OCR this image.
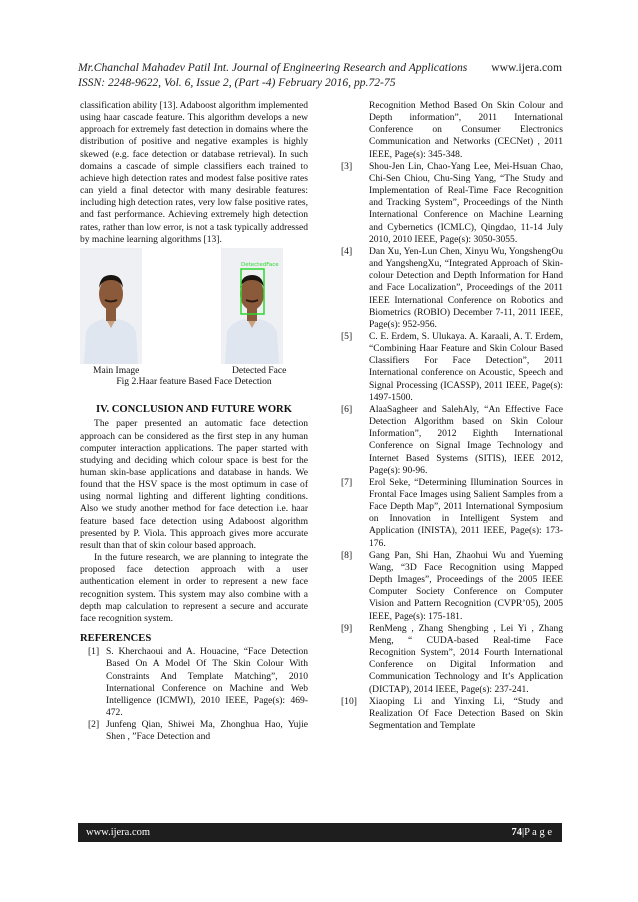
Mr.Chanchal Mahadev Patil Int. Journal of Engineering Research and Applications www.ijera.com
ISSN: 2248-9622, Vol. 6, Issue 2, (Part -4) February 2016, pp.72-75

classification ability [13]. Adaboost algorithm implemented using haar cascade feature. This algorithm develops a new approach for extremely fast detection in domains where the distribution of positive and negative examples is highly skewed (e.g. face detection or database retrieval). In such domains a cascade of simple classifiers each trained to achieve high detection rates and modest false positive rates can yield a final detector with many desirable features: including high detection rates, very low false positive rates, and fast performance. Achieving extremely high detection rates, rather than low error, is not a task typically addressed by machine learning algorithms [13].

DetectedFace
Main Image	Detected Face
Fig 2.Haar feature Based Face Detection
IV. CONCLUSION AND FUTURE WORK

The paper presented an automatic face detection approach can be considered as the first step in any human computer interaction applications. The paper started with studying and deciding which colour space is best for the human skin-base applications and database in hands. We found that the HSV space is the most optimum in case of using normal lighting and different lighting conditions. Also we study another method for face detection i.e. haar feature based face detection using Adaboost algorithm presented by P. Viola. This approach gives more accurate result than that of skin colour based approach.

In the future research, we are planning to integrate the proposed face detection approach with a user authentication element in order to represent a new face recognition system. This system may also combine with a depth map calculation to represent a secure and accurate face recognition system.

REFERENCES
[1] S. Kherchaoui and A. Houacine, “Face Detection Based On A Model Of The Skin Colour With Constraints And Template Matching”, 2010 International Conference on Machine and Web Intelligence (ICMWI), 2010 IEEE, Page(s): 469-472.
[2] Junfeng Qian, Shiwei Ma, Zhonghua Hao, Yujie Shen , ”Face Detection and
Recognition Method Based On Skin Colour and Depth information”, 2011 International Conference on Consumer Electronics Communication and Networks (CECNet) , 2011 IEEE, Page(s): 345-348.
[3]	Shou-Jen Lin, Chao-Yang Lee, Mei-Hsuan Chao, Chi-Sen Chiou, Chu-Sing Yang, “The Study and Implementation of Real-Time Face Recognition and Tracking System”, Proceedings of the Ninth International Conference on Machine Learning and Cybernetics (ICMLC), Qingdao, 11-14 July 2010, 2010 IEEE, Page(s): 3050-3055.
[4]	Dan Xu, Yen-Lun Chen, Xinyu Wu, YongshengOu and YangshengXu, “Integrated Approach of Skin-colour Detection and Depth Information for Hand and Face Localization”, Proceedings of the 2011 IEEE International Conference on Robotics and Biometrics (ROBIO) December 7-11, 2011 IEEE, Page(s): 952-956.
[5]	C. E. Erdem, S. Ulukaya. A. Karaali, A. T. Erdem, “Combining Haar Feature and Skin Colour Based Classifiers For Face Detection”, 2011 International conference on Acoustic, Speech and Signal Processing (ICASSP), 2011 IEEE, Page(s): 1497-1500.
[6]	AlaaSagheer and SalehAly, “An Effective Face Detection Algorithm based on Skin Colour Information”, 2012 Eighth International Conference on Signal Image Technology and Internet Based Systems (SITIS), IEEE 2012, Page(s): 90-96.
[7]	Erol Seke, “Determining Illumination Sources in Frontal Face Images using Salient Samples from a Face Depth Map”, 2011 International Symposium on Innovation in Intelligent System and Application (INISTA), 2011 IEEE, Page(s): 173-176.
[8]	Gang Pan, Shi Han, Zhaohui Wu and Yueming Wang, “3D Face Recognition using Mapped Depth Images”, Proceedings of the 2005 IEEE Computer Society Conference on Computer Vision and Pattern Recognition (CVPR’05), 2005 IEEE, Page(s): 175-181.
[9]	RenMeng , Zhang Shengbing , Lei Yi , Zhang Meng, “ CUDA-based Real-time Face Recognition System”, 2014 Fourth International Conference on Digital Information and Communication Technology and It’s Application (DICTAP), 2014 IEEE, Page(s): 237-241.
[10]	Xiaoping Li and Yinxing Li, “Study and Realization Of Face Detection Based on Skin Segmentation and Template
www.ijera.com	74|P a g e
